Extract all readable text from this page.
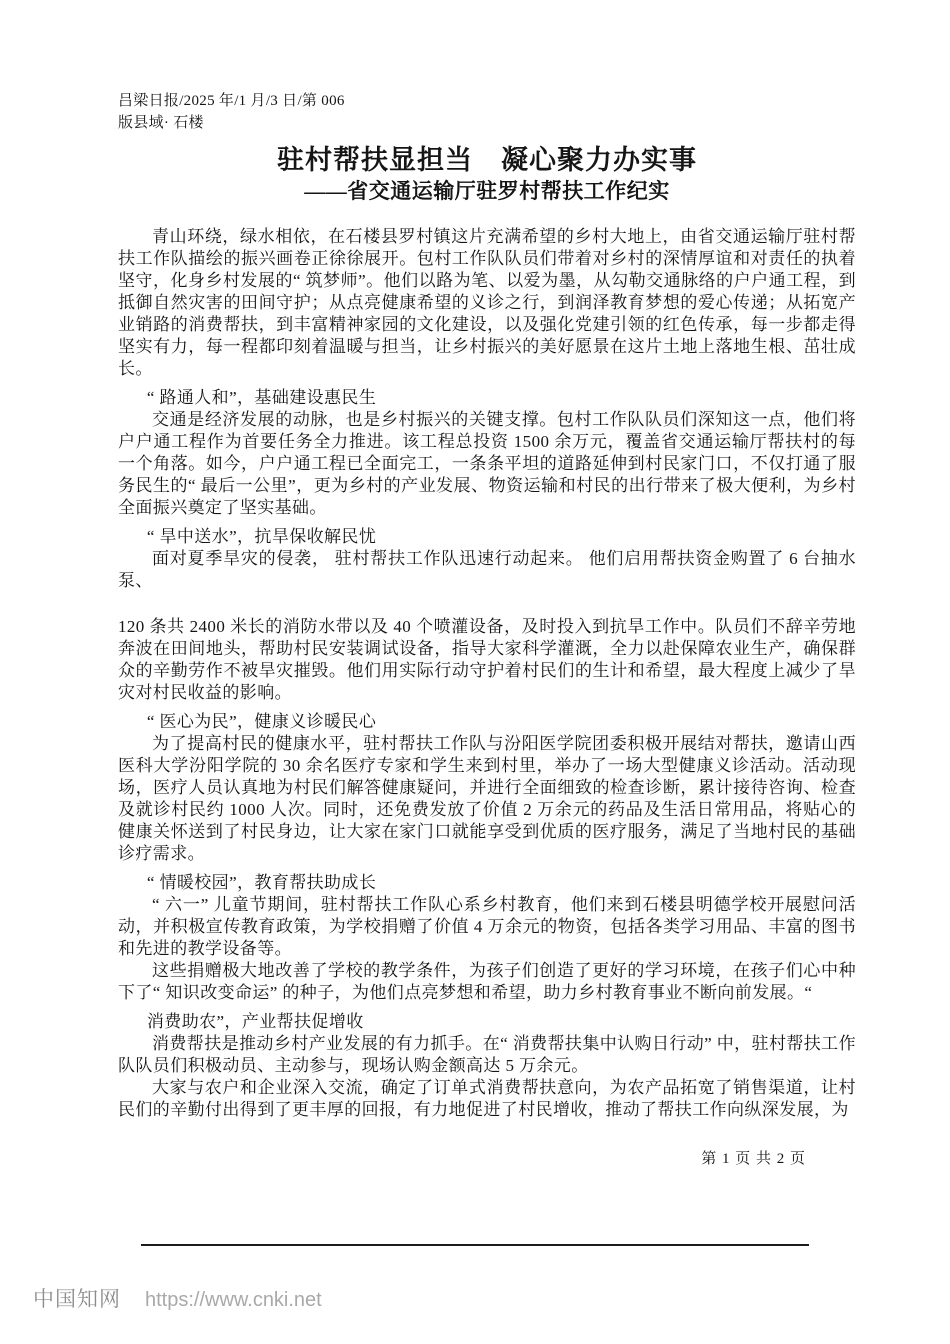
吕梁日报/2025 年/1 月/3 日/第 006
版县域· 石楼
驻村帮扶显担当　凝心聚力办实事
——省交通运输厅驻罗村帮扶工作纪实

青山环绕，绿水相依，在石楼县罗村镇这片充满希望的乡村大地上，由省交通运输厅驻村帮扶工作队描绘的振兴画卷正徐徐展开。包村工作队队员们带着对乡村的深情厚谊和对责任的执着坚守，化身乡村发展的“ 筑梦师”。他们以路为笔、以爱为墨，从勾勒交通脉络的户户通工程，到抵御自然灾害的田间守护；从点亮健康希望的义诊之行，到润泽教育梦想的爱心传递；从拓宽产业销路的消费帮扶，到丰富精神家园的文化建设，以及强化党建引领的红色传承，每一步都走得坚实有力，每一程都印刻着温暖与担当，让乡村振兴的美好愿景在这片土地上落地生根、茁壮成长。

“ 路通人和”，基础建设惠民生

交通是经济发展的动脉，也是乡村振兴的关键支撑。包村工作队队员们深知这一点，他们将户户通工程作为首要任务全力推进。该工程总投资 1500 余万元，覆盖省交通运输厅帮扶村的每一个角落。如今，户户通工程已全面完工，一条条平坦的道路延伸到村民家门口，不仅打通了服务民生的“ 最后一公里”，更为乡村的产业发展、物资运输和村民的出行带来了极大便利，为乡村全面振兴奠定了坚实基础。

“ 旱中送水”，抗旱保收解民忧

面对夏季旱灾的侵袭， 驻村帮扶工作队迅速行动起来。 他们启用帮扶资金购置了 6 台抽水泵、

120 条共 2400 米长的消防水带以及 40 个喷灌设备，及时投入到抗旱工作中。队员们不辞辛劳地奔波在田间地头，帮助村民安装调试设备，指导大家科学灌溉，全力以赴保障农业生产，确保群众的辛勤劳作不被旱灾摧毁。他们用实际行动守护着村民们的生计和希望，最大程度上减少了旱灾对村民收益的影响。

“ 医心为民”，健康义诊暖民心

为了提高村民的健康水平，驻村帮扶工作队与汾阳医学院团委积极开展结对帮扶，邀请山西医科大学汾阳学院的 30 余名医疗专家和学生来到村里，举办了一场大型健康义诊活动。活动现场，医疗人员认真地为村民们解答健康疑问，并进行全面细致的检查诊断，累计接待咨询、检查及就诊村民约 1000 人次。同时，还免费发放了价值 2 万余元的药品及生活日常用品，将贴心的健康关怀送到了村民身边，让大家在家门口就能享受到优质的医疗服务，满足了当地村民的基础诊疗需求。

“ 情暖校园”，教育帮扶助成长

“ 六一” 儿童节期间，驻村帮扶工作队心系乡村教育，他们来到石楼县明德学校开展慰问活动，并积极宣传教育政策，为学校捐赠了价值 4 万余元的物资，包括各类学习用品、丰富的图书和先进的教学设备等。

这些捐赠极大地改善了学校的教学条件，为孩子们创造了更好的学习环境，在孩子们心中种下了“ 知识改变命运” 的种子，为他们点亮梦想和希望，助力乡村教育事业不断向前发展。“

消费助农”，产业帮扶促增收

消费帮扶是推动乡村产业发展的有力抓手。在“ 消费帮扶集中认购日行动” 中，驻村帮扶工作队队员们积极动员、主动参与，现场认购金额高达 5 万余元。

大家与农户和企业深入交流，确定了订单式消费帮扶意向，为农产品拓宽了销售渠道，让村民们的辛勤付出得到了更丰厚的回报，有力地促进了村民增收，推动了帮扶工作向纵深发展，为

第 1 页 共 2 页
中国知网 https://www.cnki.net
